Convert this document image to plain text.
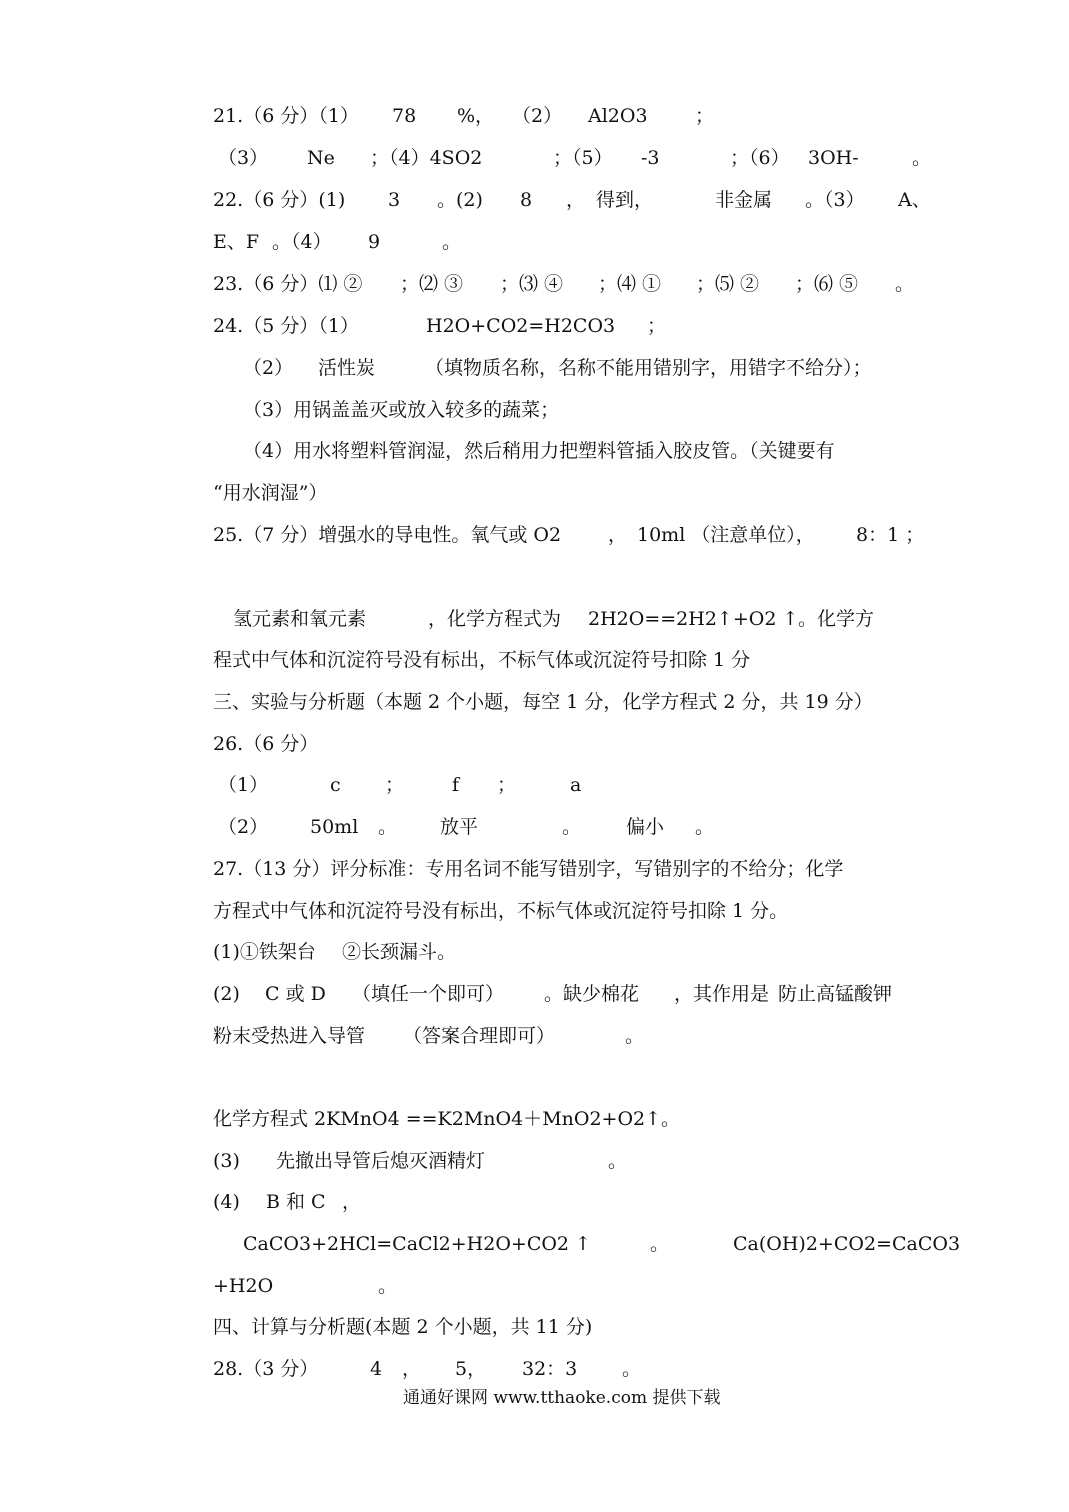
21.（6 分）（1） 78 %， （2） Al2O3 ；
（3） Ne ；（4）4SO2	；（5） -3	；（6） 3OH-	。
22.（6 分）(1) 3 。(2) 8 ， 得到，	非金属 。（3） A、
E、F 。（4） 9	。
23.（6 分）⑴ ② ；⑵ ③ ；⑶ ④ ；⑷ ① ；⑸ ② ；⑹ ⑤ 。
24.（5 分）（1）	H2O+CO2=H2CO3 ；
（2） 活性炭	（填物质名称，名称不能用错别字，用错字不给分）；
（3）用锅盖盖灭或放入较多的蔬菜；
（4）用水将塑料管润湿，然后稍用力把塑料管插入胶皮管。（关键要有
“用水润湿”）
25.（7 分）增强水的导电性。氧气或 O2 ， 10ml （注意单位）， 8：1 ；
氢元素和氧元素	，化学方程式为 2H2O==2H2↑+O2 ↑ 。化学方
程式中气体和沉淀符号没有标出，不标气体或沉淀符号扣除 1 分
三、实验与分析题（本题 2 个小题，每空 1 分，化学方程式 2 分，共 19 分）
26.（6 分）
（1）	c ；	f ；	a
（2） 50ml 。 放平	。 偏小 。
27.（13 分）评分标准：专用名词不能写错别字，写错别字的不给分；化学
方程式中气体和沉淀符号没有标出，不标气体或沉淀符号扣除 1 分。
(1)①铁架台 ②长颈漏斗。
(2) C 或 D （填任一个即可） 。缺少棉花 ，其作用是 防止高锰酸钾
粉末受热进入导管 （答案合理即可）	。
化学方程式 2KMnO4 ==K2MnO4＋MnO2+O2↑。
(3) 先撤出导管后熄灭酒精灯	。
(4) B 和 C ，
CaCO3+2HCl=CaCl2+H2O+CO2 ↑	。	Ca(OH)2+CO2=CaCO3
+H2O	。
四、计算与分析题(本题 2 个小题，共 11 分)
28.（3 分）	4 ， 5， 32：3 。
通通好课网 www.tthaoke.com 提供下载
